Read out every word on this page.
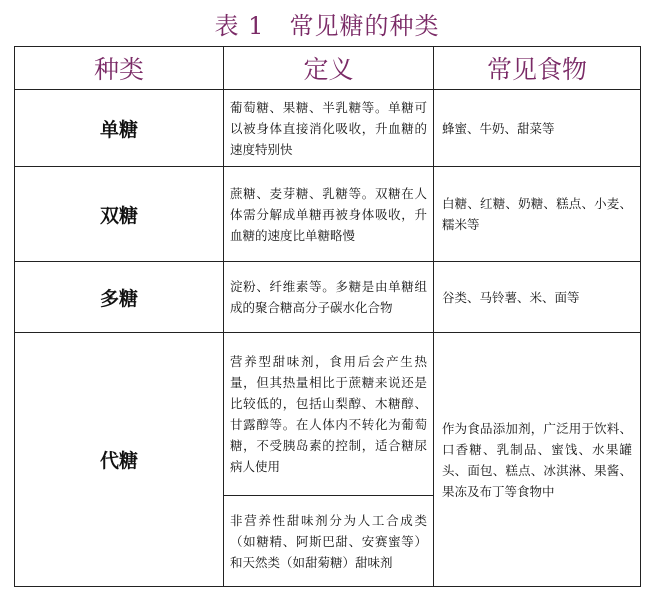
表 1　常见糖的种类
种类	定义	常见食物
单糖	葡萄糖、果糖、半乳糖等。单糖可以被身体直接消化吸收，升血糖的速度特别快	蜂蜜、牛奶、甜菜等
双糖	蔗糖、麦芽糖、乳糖等。双糖在人体需分解成单糖再被身体吸收，升血糖的速度比单糖略慢	白糖、红糖、奶糖、糕点、小麦、糯米等
多糖	淀粉、纤维素等。多糖是由单糖组成的聚合糖高分子碳水化合物	谷类、马铃薯、米、面等
代糖	营养型甜味剂，食用后会产生热量，但其热量相比于蔗糖来说还是比较低的，包括山梨醇、木糖醇、甘露醇等。在人体内不转化为葡萄糖，不受胰岛素的控制，适合糖尿病人使用	作为食品添加剂，广泛用于饮料、口香糖、乳制品、蜜饯、水果罐头、面包、糕点、冰淇淋、果酱、果冻及布丁等食物中
	非营养性甜味剂分为人工合成类（如糖精、阿斯巴甜、安赛蜜等）和天然类（如甜菊糖）甜味剂	
